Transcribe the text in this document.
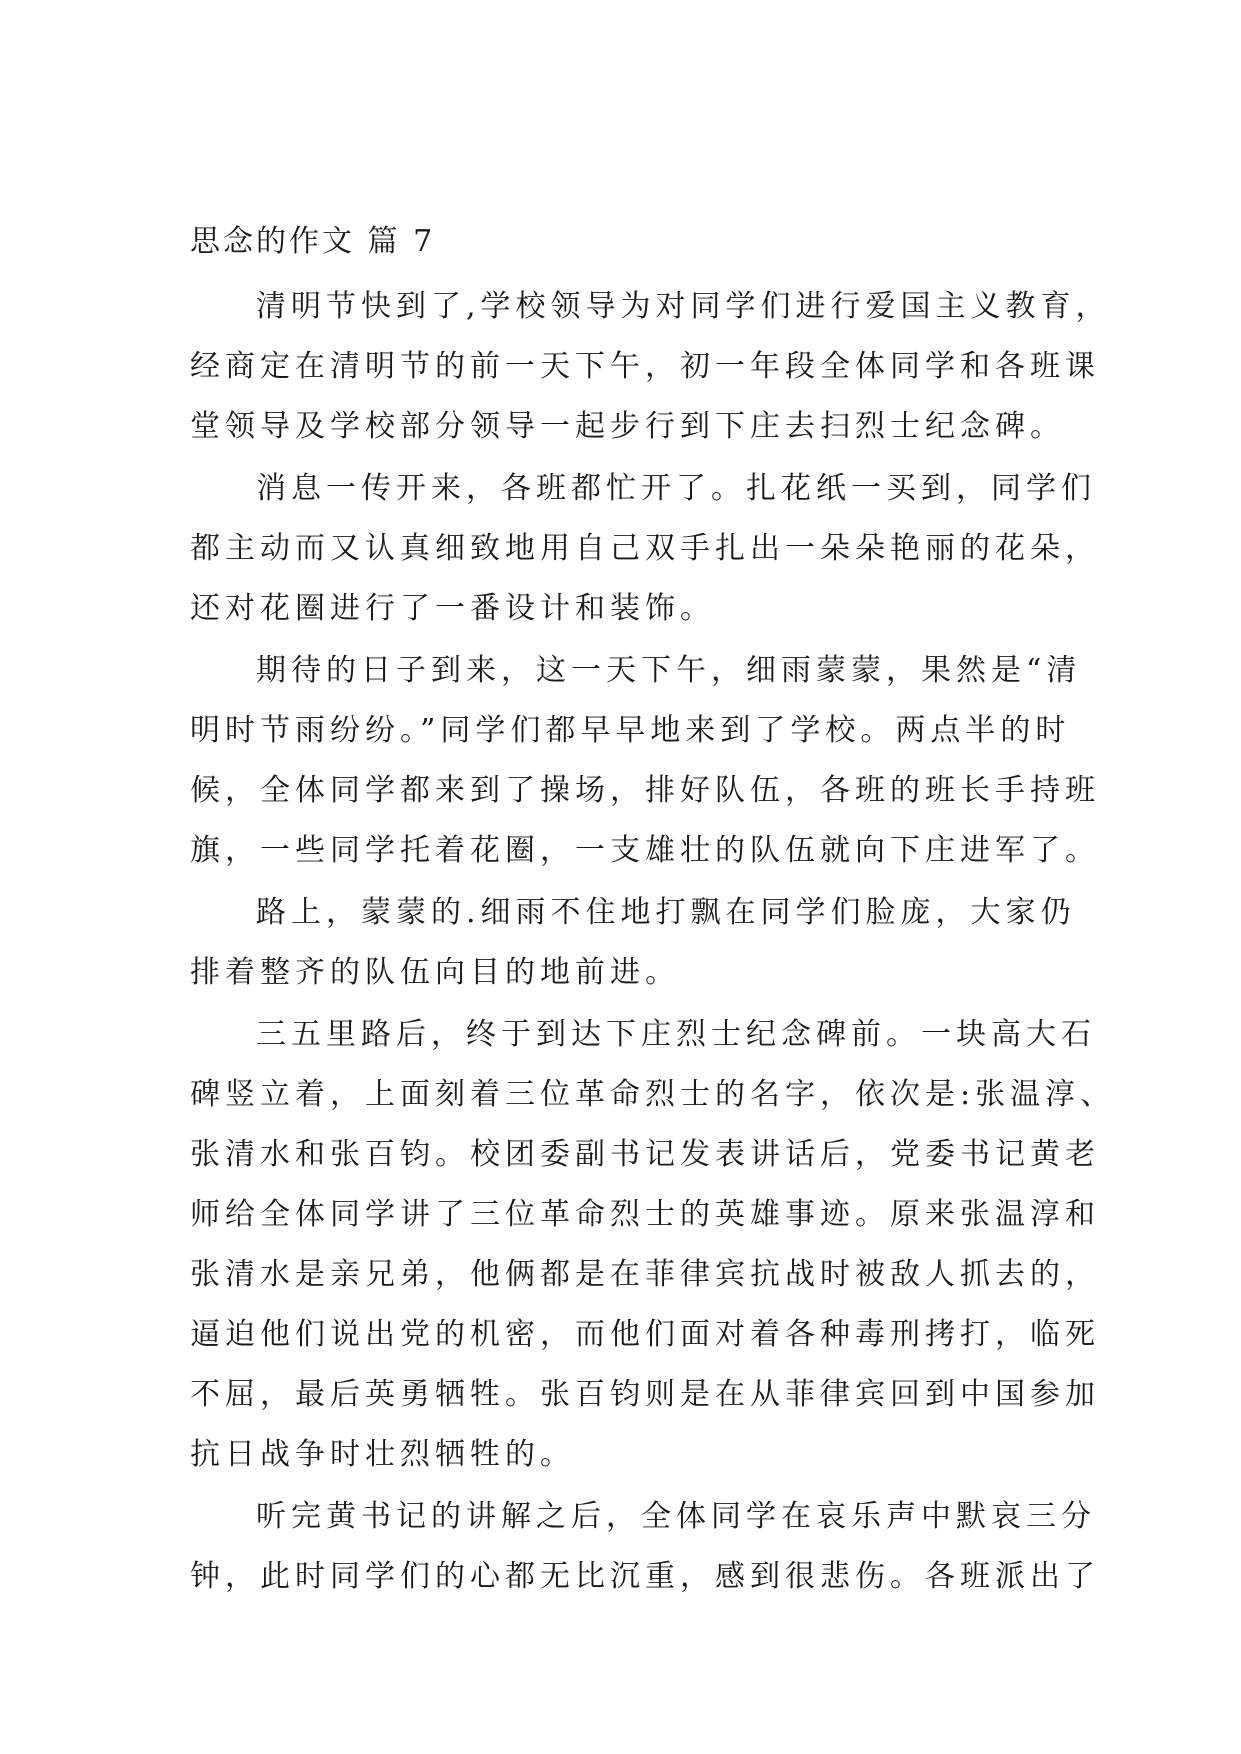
思念的作文 篇 7
清明节快到了,学校领导为对同学们进行爱国主义教育，
经商定在清明节的前一天下午，初一年段全体同学和各班课
堂领导及学校部分领导一起步行到下庄去扫烈士纪念碑。
消息一传开来，各班都忙开了。扎花纸一买到，同学们
都主动而又认真细致地用自己双手扎出一朵朵艳丽的花朵，
还对花圈进行了一番设计和装饰。
期待的日子到来，这一天下午，细雨蒙蒙，果然是“清
明时节雨纷纷。”同学们都早早地来到了学校。两点半的时
候，全体同学都来到了操场，排好队伍，各班的班长手持班
旗，一些同学托着花圈，一支雄壮的队伍就向下庄进军了。
路上，蒙蒙的.细雨不住地打飘在同学们脸庞，大家仍
排着整齐的队伍向目的地前进。
三五里路后，终于到达下庄烈士纪念碑前。一块高大石
碑竖立着，上面刻着三位革命烈士的名字，依次是:张温淳、
张清水和张百钧。校团委副书记发表讲话后，党委书记黄老
师给全体同学讲了三位革命烈士的英雄事迹。原来张温淳和
张清水是亲兄弟，他俩都是在菲律宾抗战时被敌人抓去的，
逼迫他们说出党的机密，而他们面对着各种毒刑拷打，临死
不屈，最后英勇牺牲。张百钧则是在从菲律宾回到中国参加
抗日战争时壮烈牺牲的。
听完黄书记的讲解之后，全体同学在哀乐声中默哀三分
钟，此时同学们的心都无比沉重，感到很悲伤。各班派出了
